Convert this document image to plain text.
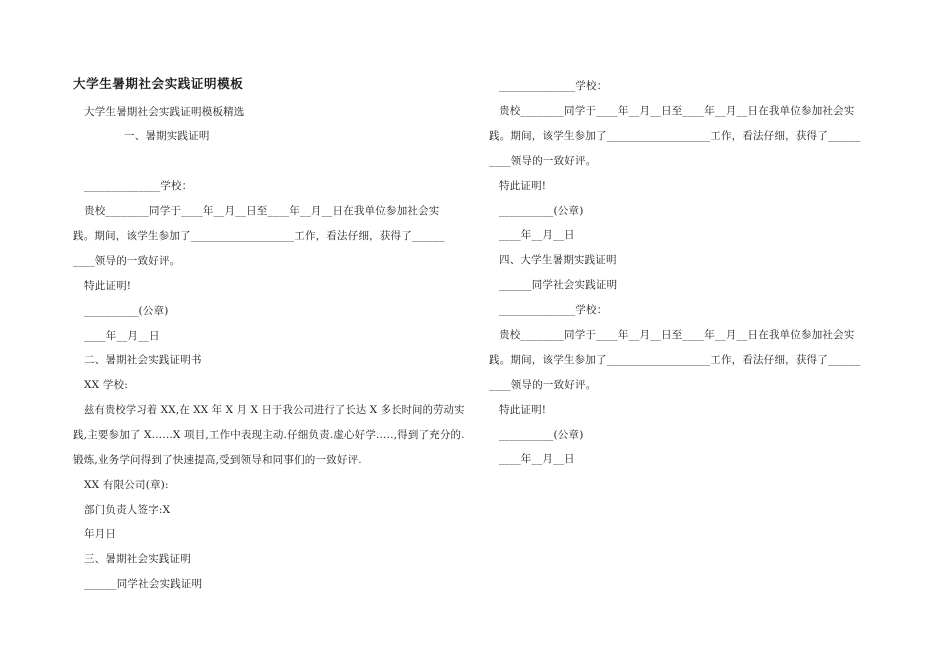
大学生暑期社会实践证明模板
大学生暑期社会实践证明模板精选
一、暑期实践证明
______________学校：
贵校________同学于____年__月__日至____年__月__日在我单位参加社会实
践。期间，该学生参加了___________________工作，看法仔细，获得了______
____领导的一致好评。
特此证明!
__________(公章)
____年__月__日
二、暑期社会实践证明书
XX 学校:
兹有贵校学习着 XX,在 XX 年 X 月 X 日于我公司进行了长达 X 多长时间的劳动实
践,主要参加了 X......X 项目,工作中表现主动.仔细负责.虚心好学.....,得到了充分的.
锻炼,业务学问得到了快速提高,受到领导和同事们的一致好评.
XX 有限公司(章):
部门负责人签字:X
年月日
三、暑期社会实践证明
______同学社会实践证明
______________学校：
贵校________同学于____年__月__日至____年__月__日在我单位参加社会实
践。期间，该学生参加了___________________工作，看法仔细，获得了______
____领导的一致好评。
特此证明!
__________(公章)
____年__月__日
四、大学生暑期实践证明
______同学社会实践证明
______________学校：
贵校________同学于____年__月__日至____年__月__日在我单位参加社会实
践。期间，该学生参加了___________________工作，看法仔细，获得了______
____领导的一致好评。
特此证明!
__________(公章)
____年__月__日
